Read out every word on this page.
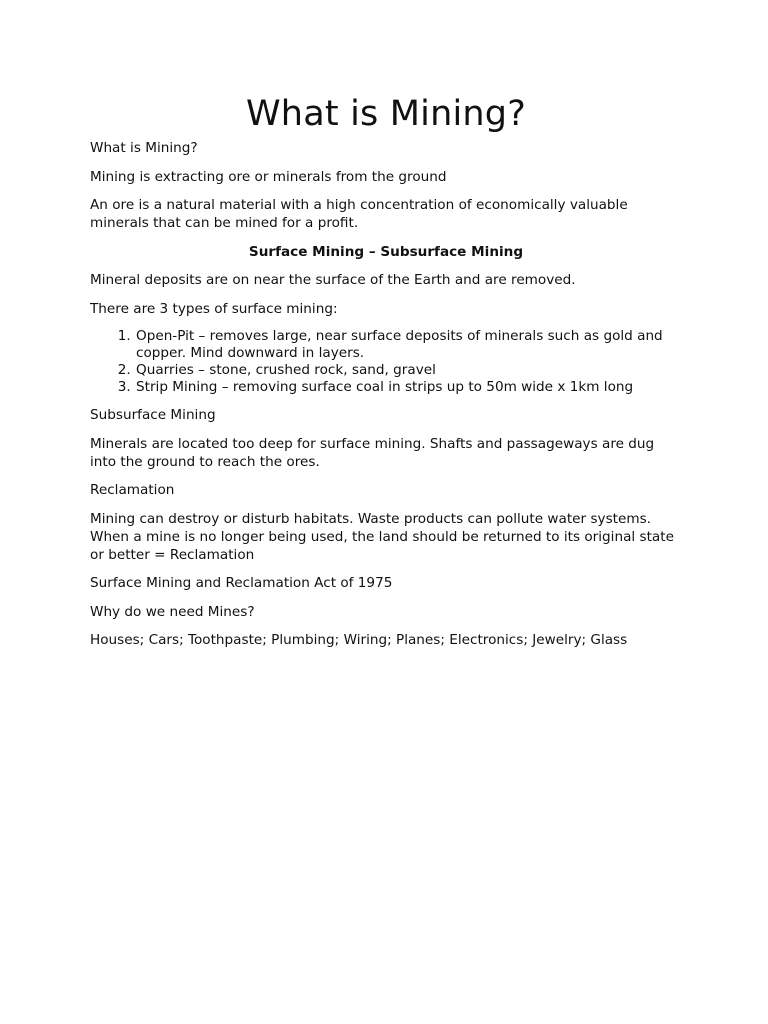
What is Mining?

What is Mining?

Mining is extracting ore or minerals from the ground

An ore is a natural material with a high concentration of economically valuable minerals that can be mined for a profit.

Surface Mining – Subsurface Mining

Mineral deposits are on near the surface of the Earth and are removed.

There are 3 types of surface mining:

1. Open-Pit – removes large, near surface deposits of minerals such as gold and copper. Mind downward in layers.
2. Quarries – stone, crushed rock, sand, gravel
3. Strip Mining – removing surface coal in strips up to 50m wide x 1km long

Subsurface Mining

Minerals are located too deep for surface mining. Shafts and passageways are dug into the ground to reach the ores.

Reclamation

Mining can destroy or disturb habitats. Waste products can pollute water systems. When a mine is no longer being used, the land should be returned to its original state or better = Reclamation

Surface Mining and Reclamation Act of 1975

Why do we need Mines?

Houses; Cars; Toothpaste; Plumbing; Wiring; Planes; Electronics; Jewelry; Glass
